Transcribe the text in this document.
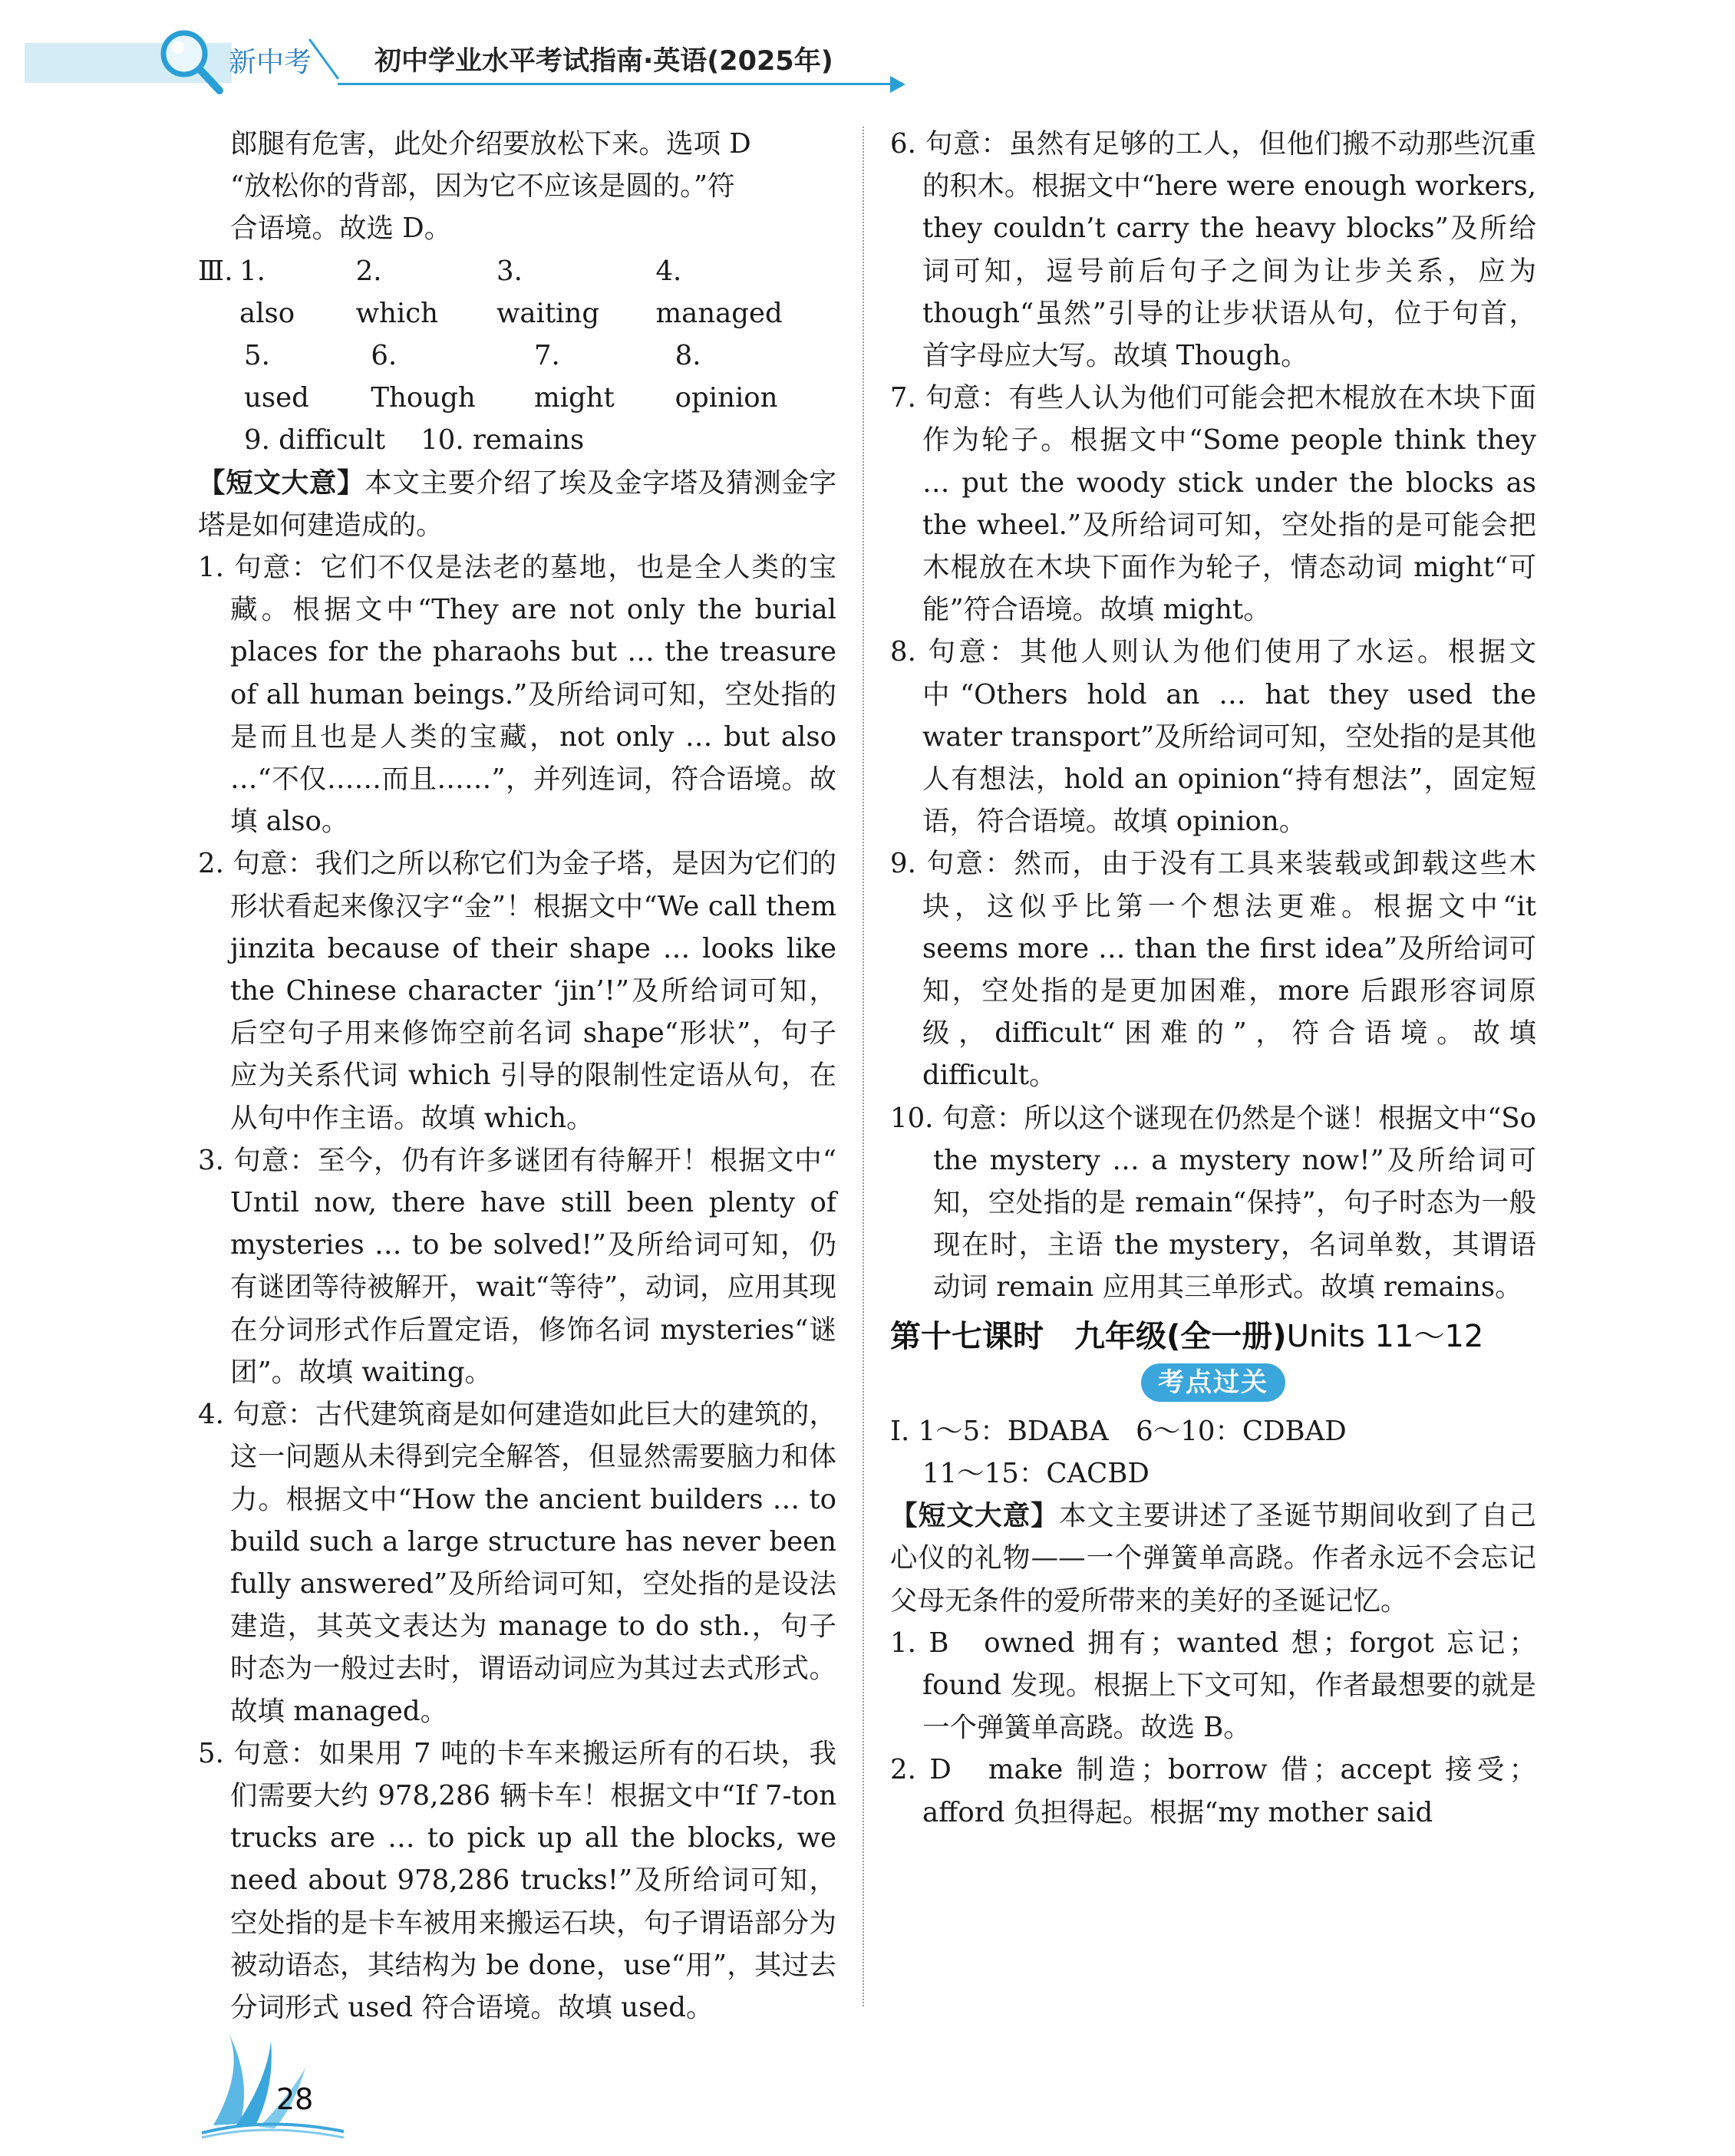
新中考 初中学业水平考试指南·英语(2025年)

郎腿有危害，此处介绍要放松下来。选项 D

“放松你的背部，因为它不应该是圆的。”符

合语境。故选 D。

Ⅲ. 1. also
2. which
3. waiting
4. managed
5. used
6. Though
7. might
8. opinion
9. difficult 10. remains

【短文大意】本文主要介绍了埃及金字塔及猜测金字塔是如何建造成的。

1. 句意：它们不仅是法老的墓地，也是全人类的宝藏。根据文中“They are not only the burial places for the pharaohs but … the treasure of all human beings.”及所给词可知，空处指的是而且也是人类的宝藏，not only … but also …“不仅……而且……”，并列连词，符合语境。故填 also。

2. 句意：我们之所以称它们为金子塔，是因为它们的形状看起来像汉字“金”！根据文中“We call them jinzita because of their shape … looks like the Chinese character ‘jin’!”及所给词可知，后空句子用来修饰空前名词 shape“形状”，句子应为关系代词 which 引导的限制性定语从句，在从句中作主语。故填 which。

3. 句意：至今，仍有许多谜团有待解开！根据文中“ Until now, there have still been plenty of mysteries … to be solved!”及所给词可知，仍有谜团等待被解开，wait“等待”，动词，应用其现在分词形式作后置定语，修饰名词 mysteries“谜团”。故填 waiting。

4. 句意：古代建筑商是如何建造如此巨大的建筑的，这一问题从未得到完全解答，但显然需要脑力和体力。根据文中“How the ancient builders … to build such a large structure has never been fully answered”及所给词可知，空处指的是设法建造，其英文表达为 manage to do sth.，句子时态为一般过去时，谓语动词应为其过去式形式。故填 managed。

5. 句意：如果用 7 吨的卡车来搬运所有的石块，我们需要大约 978,286 辆卡车！根据文中“If 7-ton trucks are … to pick up all the blocks, we need about 978,286 trucks!”及所给词可知，空处指的是卡车被用来搬运石块，句子谓语部分为被动语态，其结构为 be done，use“用”，其过去分词形式 used 符合语境。故填 used。

6. 句意：虽然有足够的工人，但他们搬不动那些沉重的积木。根据文中“here were enough workers, they couldn’t carry the heavy blocks”及所给词可知，逗号前后句子之间为让步关系，应为 though“虽然”引导的让步状语从句，位于句首，首字母应大写。故填 Though。

7. 句意：有些人认为他们可能会把木棍放在木块下面作为轮子。根据文中“Some people think they … put the woody stick under the blocks as the wheel.”及所给词可知，空处指的是可能会把木棍放在木块下面作为轮子，情态动词 might“可能”符合语境。故填 might。

8. 句意：其他人则认为他们使用了水运。根据文中“Others hold an … hat they used the water transport”及所给词可知，空处指的是其他人有想法，hold an opinion“持有想法”，固定短语，符合语境。故填 opinion。

9. 句意：然而，由于没有工具来装载或卸载这些木块，这似乎比第一个想法更难。根据文中“it seems more … than the first idea”及所给词可知，空处指的是更加困难，more 后跟形容词原级，difficult“困难的”，符合语境。故填 difficult。

10. 句意：所以这个谜现在仍然是个谜！根据文中“So the mystery … a mystery now!”及所给词可知，空处指的是 remain“保持”，句子时态为一般现在时，主语 the mystery，名词单数，其谓语动词 remain 应用其三单形式。故填 remains。

第十七课时　九年级(全一册)Units 11～12
考点过关

Ⅰ. 1～5：BDABA　6～10：CDBAD

11～15：CACBD

【短文大意】本文主要讲述了圣诞节期间收到了自己心仪的礼物——一个弹簧单高跷。作者永远不会忘记父母无条件的爱所带来的美好的圣诞记忆。

1. B　owned 拥有；wanted 想；forgot 忘记；found 发现。根据上下文可知，作者最想要的就是一个弹簧单高跷。故选 B。

2. D　make 制造；borrow 借；accept 接受；afford 负担得起。根据“my mother said

28
